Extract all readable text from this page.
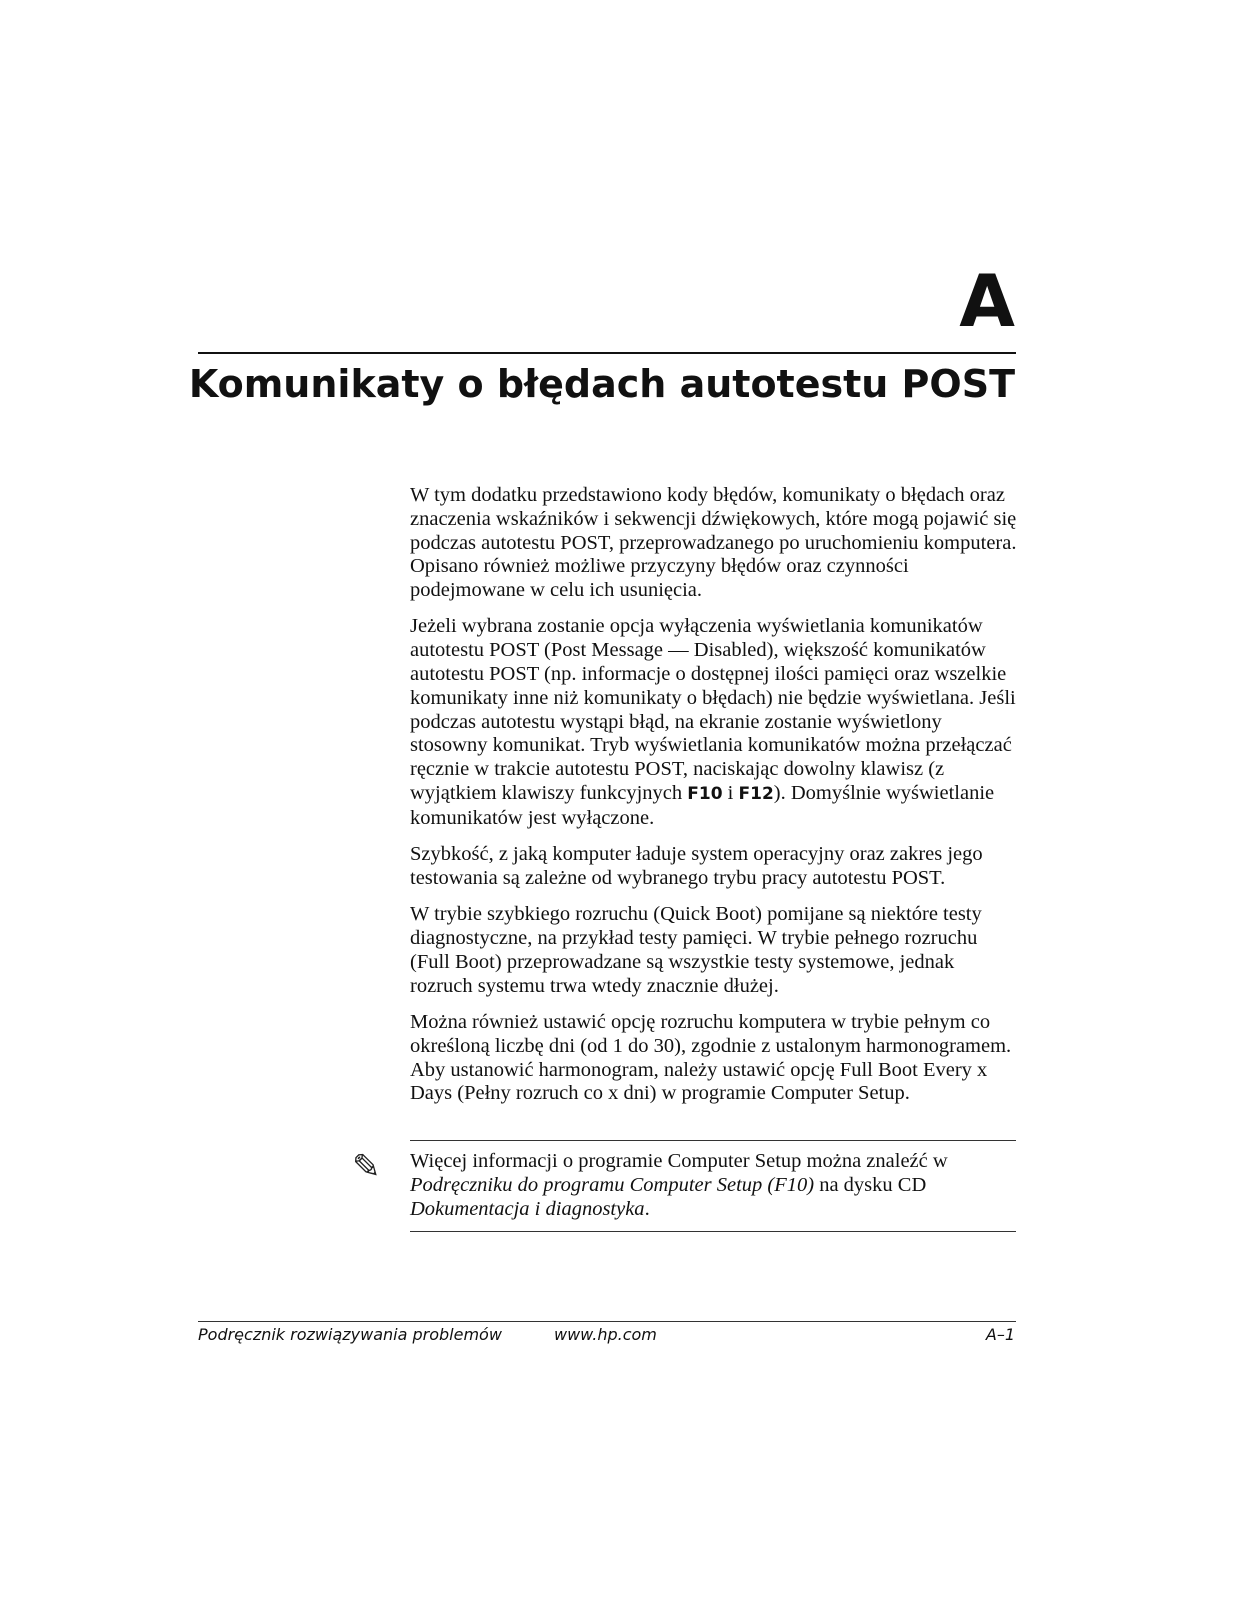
A
Komunikaty o błędach autotestu POST

W tym dodatku przedstawiono kody błędów, komunikaty o błędach oraz znaczenia wskaźników i sekwencji dźwiękowych, które mogą pojawić się podczas autotestu POST, przeprowadzanego po uruchomieniu komputera. Opisano również możliwe przyczyny błędów oraz czynności podejmowane w celu ich usunięcia.

Jeżeli wybrana zostanie opcja wyłączenia wyświetlania komunikatów autotestu POST (Post Message — Disabled), większość komunikatów autotestu POST (np. informacje o dostępnej ilości pamięci oraz wszelkie komunikaty inne niż komunikaty o błędach) nie będzie wyświetlana. Jeśli podczas autotestu wystąpi błąd, na ekranie zostanie wyświetlony stosowny komunikat. Tryb wyświetlania komunikatów można przełączać ręcznie w trakcie autotestu POST, naciskając dowolny klawisz (z wyjątkiem klawiszy funkcyjnych F10 i F12). Domyślnie wyświetlanie komunikatów jest wyłączone.

Szybkość, z jaką komputer ładuje system operacyjny oraz zakres jego testowania są zależne od wybranego trybu pracy autotestu POST.

W trybie szybkiego rozruchu (Quick Boot) pomijane są niektóre testy diagnostyczne, na przykład testy pamięci. W trybie pełnego rozruchu (Full Boot) przeprowadzane są wszystkie testy systemowe, jednak rozruch systemu trwa wtedy znacznie dłużej.

Można również ustawić opcję rozruchu komputera w trybie pełnym co określoną liczbę dni (od 1 do 30), zgodnie z ustalonym harmonogramem. Aby ustanowić harmonogram, należy ustawić opcję Full Boot Every x Days (Pełny rozruch co x dni) w programie Computer Setup.

✎ Więcej informacji o programie Computer Setup można znaleźć w Podręczniku do programu Computer Setup (F10) na dysku CD Dokumentacja i diagnostyka.

Podręcznik rozwiązywania problemów	www.hp.com	A–1
